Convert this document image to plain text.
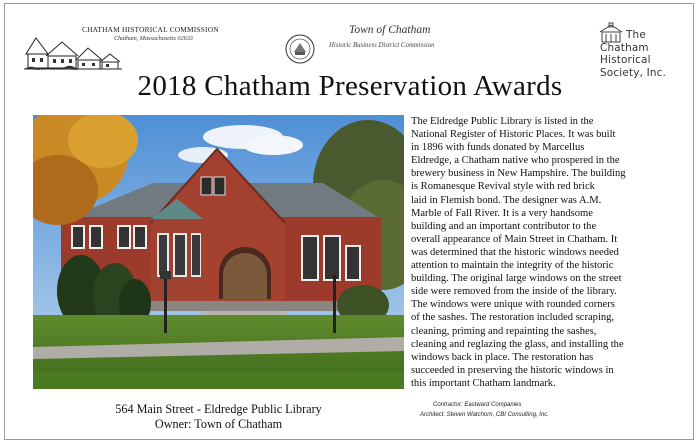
CHATHAM HISTORICAL COMMISSION
Chatham, Massachusetts 02633
Town of Chatham
Historic Business District Commission
The
Chatham
Historical
Society, Inc.
2018 Chatham Preservation Awards
564 Main Street - Eldredge Public Library
Owner: Town of Chatham
The Eldredge Public Library is listed in the
National Register of Historic Places. It was built
in 1896 with funds donated by Marcellus
Eldredge, a Chatham native who prospered in the
brewery business in New Hampshire. The building
is Romanesque Revival style with red brick
laid in Flemish bond. The designer was A.M.
Marble of Fall River. It is a very handsome
building and an important contributor to the
overall appearance of Main Street in Chatham. It
was determined that the historic windows needed
attention to maintain the integrity of the historic
building. The original large windows on the street
side were removed from the inside of the library.
The windows were unique with rounded corners
of the sashes. The restoration included scraping,
cleaning, priming and repainting the sashes,
cleaning and reglazing the glass, and installing the
windows back in place. The restoration has
succeeded in preserving the historic windows in
this important Chatham landmark.
Contractor: Eastward Companies
Architect: Steven Watchorn, CBI Consulting, Inc.
